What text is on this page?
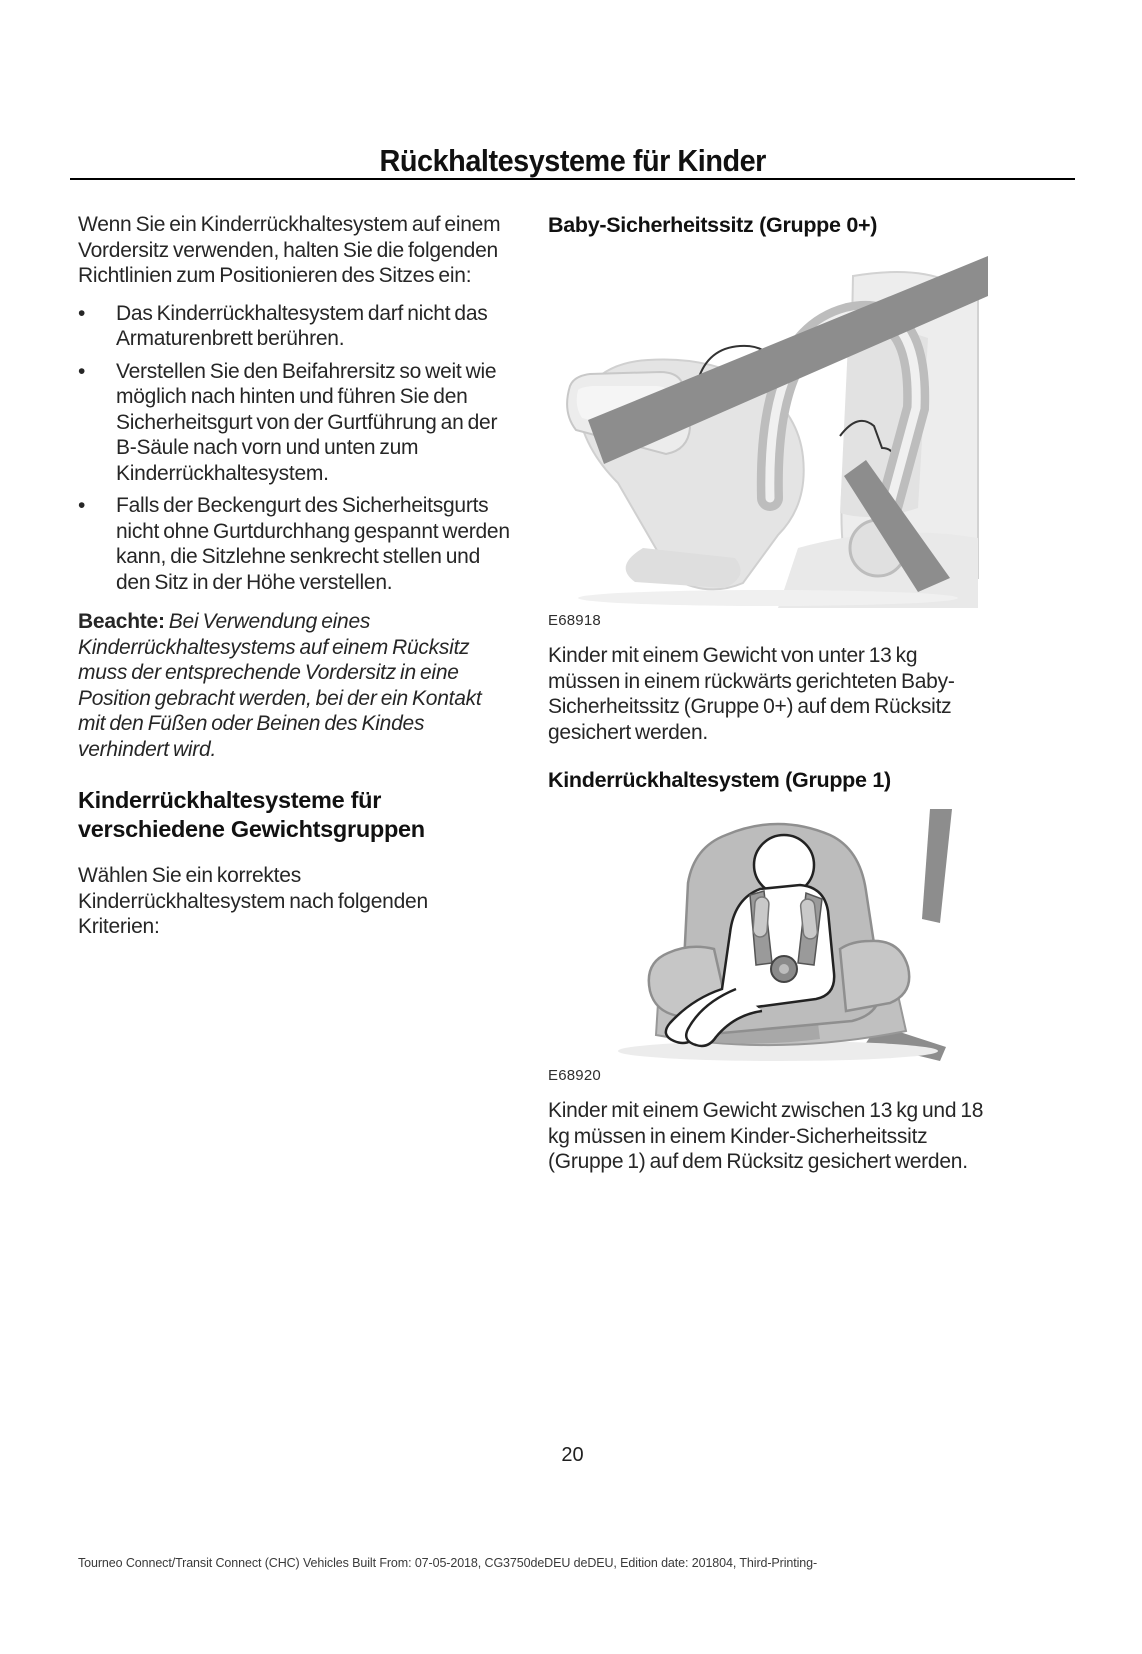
Rückhaltesysteme für Kinder

Wenn Sie ein Kinderrückhaltesystem auf einem Vordersitz verwenden, halten Sie die folgenden Richtlinien zum Positionieren des Sitzes ein:

•	Das Kinderrückhaltesystem darf nicht das Armaturenbrett berühren.
•	Verstellen Sie den Beifahrersitz so weit wie möglich nach hinten und führen Sie den Sicherheitsgurt von der Gurtführung an der B-Säule nach vorn und unten zum Kinderrückhaltesystem.
•	Falls der Beckengurt des Sicherheitsgurts nicht ohne Gurtdurchhang gespannt werden kann, die Sitzlehne senkrecht stellen und den Sitz in der Höhe verstellen.

Beachte: Bei Verwendung eines Kinderrückhaltesystems auf einem Rücksitz muss der entsprechende Vordersitz in eine Position gebracht werden, bei der ein Kontakt mit den Füßen oder Beinen des Kindes verhindert wird.

Kinderrückhaltesysteme für verschiedene Gewichtsgruppen

Wählen Sie ein korrektes Kinderrückhaltesystem nach folgenden Kriterien:

Baby-Sicherheitssitz (Gruppe 0+)
E68918

Kinder mit einem Gewicht von unter 13 kg müssen in einem rückwärts gerichteten Baby-Sicherheitssitz (Gruppe 0+) auf dem Rücksitz gesichert werden.

Kinderrückhaltesystem (Gruppe 1)
E68920

Kinder mit einem Gewicht zwischen 13 kg und 18 kg müssen in einem Kinder-Sicherheitssitz (Gruppe 1) auf dem Rücksitz gesichert werden.

20
Tourneo Connect/Transit Connect (CHC) Vehicles Built From: 07-05-2018, CG3750deDEU deDEU, Edition date: 201804, Third-Printing-
